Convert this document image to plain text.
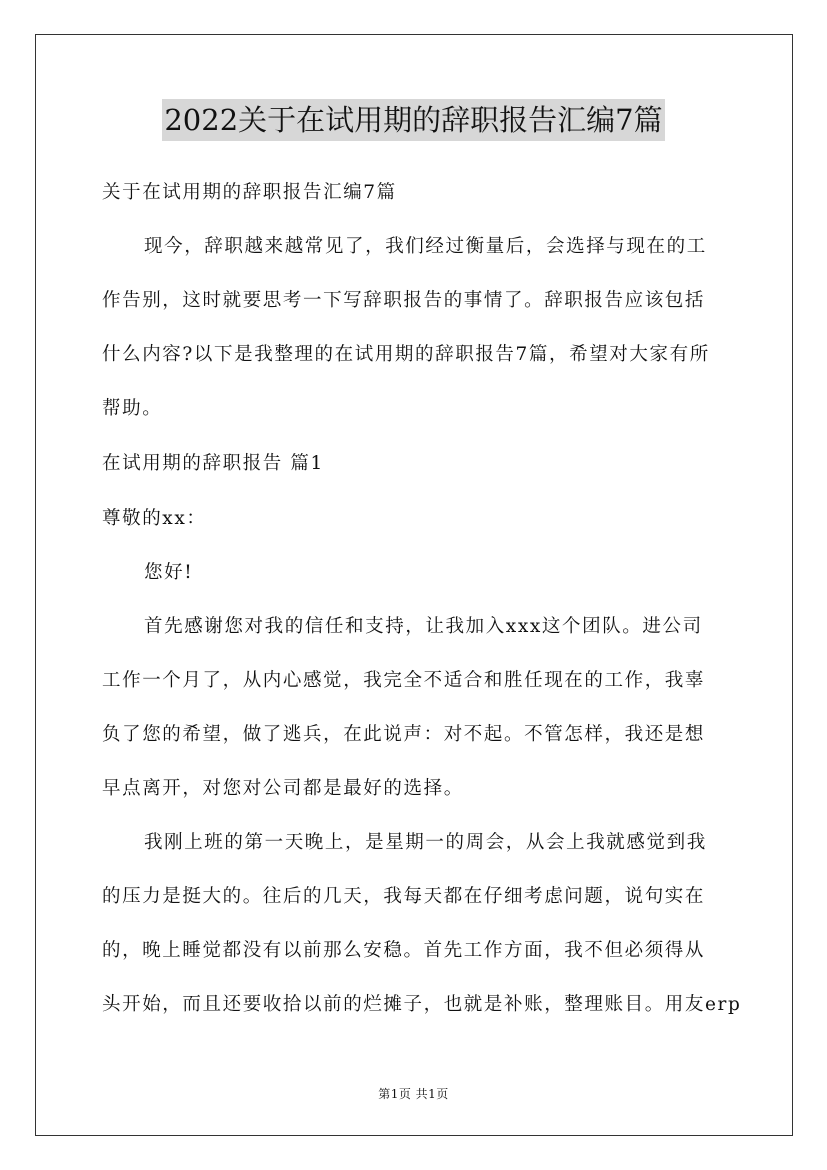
2022关于在试用期的辞职报告汇编7篇
关于在试用期的辞职报告汇编7篇
现今，辞职越来越常见了，我们经过衡量后，会选择与现在的工
作告别，这时就要思考一下写辞职报告的事情了。辞职报告应该包括
什么内容?以下是我整理的在试用期的辞职报告7篇，希望对大家有所
帮助。
在试用期的辞职报告 篇1
尊敬的xx：
您好!
首先感谢您对我的信任和支持，让我加入xxx这个团队。进公司
工作一个月了，从内心感觉，我完全不适合和胜任现在的工作，我辜
负了您的希望，做了逃兵，在此说声：对不起。不管怎样，我还是想
早点离开，对您对公司都是最好的选择。
我刚上班的第一天晚上，是星期一的周会，从会上我就感觉到我
的压力是挺大的。往后的几天，我每天都在仔细考虑问题，说句实在
的，晚上睡觉都没有以前那么安稳。首先工作方面，我不但必须得从
头开始，而且还要收拾以前的烂摊子，也就是补账，整理账目。用友erp
第1页 共1页
